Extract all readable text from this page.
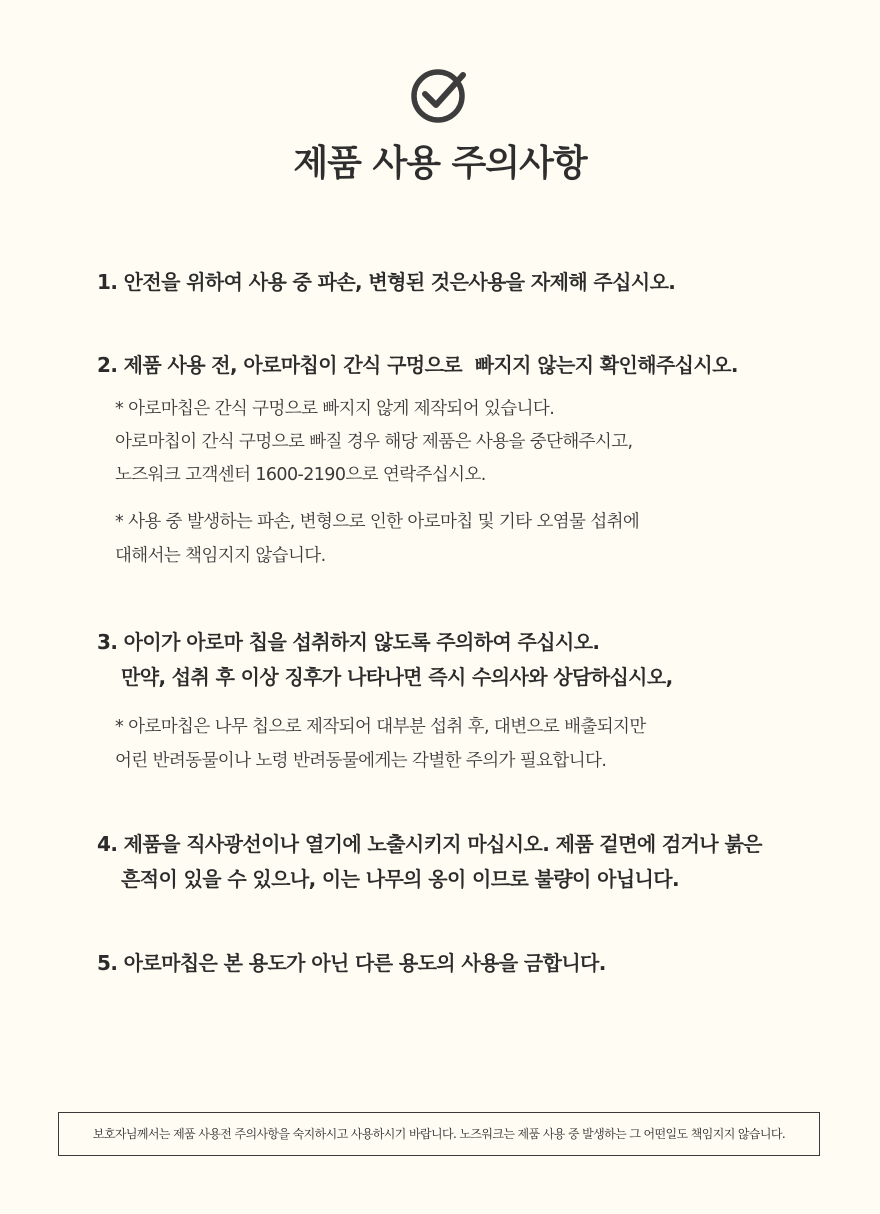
제품 사용 주의사항
1. 안전을 위하여 사용 중 파손, 변형된 것은사용을 자제해 주십시오.
2. 제품 사용 전, 아로마칩이 간식 구멍으로  빠지지 않는지 확인해주십시오.
* 아로마칩은 간식 구멍으로 빠지지 않게 제작되어 있습니다.
아로마칩이 간식 구멍으로 빠질 경우 해당 제품은 사용을 중단해주시고,
노즈워크 고객센터 1600-2190으로 연락주십시오.
* 사용 중 발생하는 파손, 변형으로 인한 아로마칩 및 기타 오염물 섭취에
대해서는 책임지지 않습니다.
3. 아이가 아로마 칩을 섭취하지 않도록 주의하여 주십시오.
만약, 섭취 후 이상 징후가 나타나면 즉시 수의사와 상담하십시오,
* 아로마칩은 나무 칩으로 제작되어 대부분 섭취 후, 대변으로 배출되지만
어린 반려동물이나 노령 반려동물에게는 각별한 주의가 필요합니다.
4. 제품을 직사광선이나 열기에 노출시키지 마십시오. 제품 겉면에 검거나 붉은
흔적이 있을 수 있으나, 이는 나무의 옹이 이므로 불량이 아닙니다.
5. 아로마칩은 본 용도가 아닌 다른 용도의 사용을 금합니다.
보호자님께서는 제품 사용전 주의사항을 숙지하시고 사용하시기 바랍니다. 노즈워크는 제품 사용 중 발생하는 그 어떤일도 책임지지 않습니다.
